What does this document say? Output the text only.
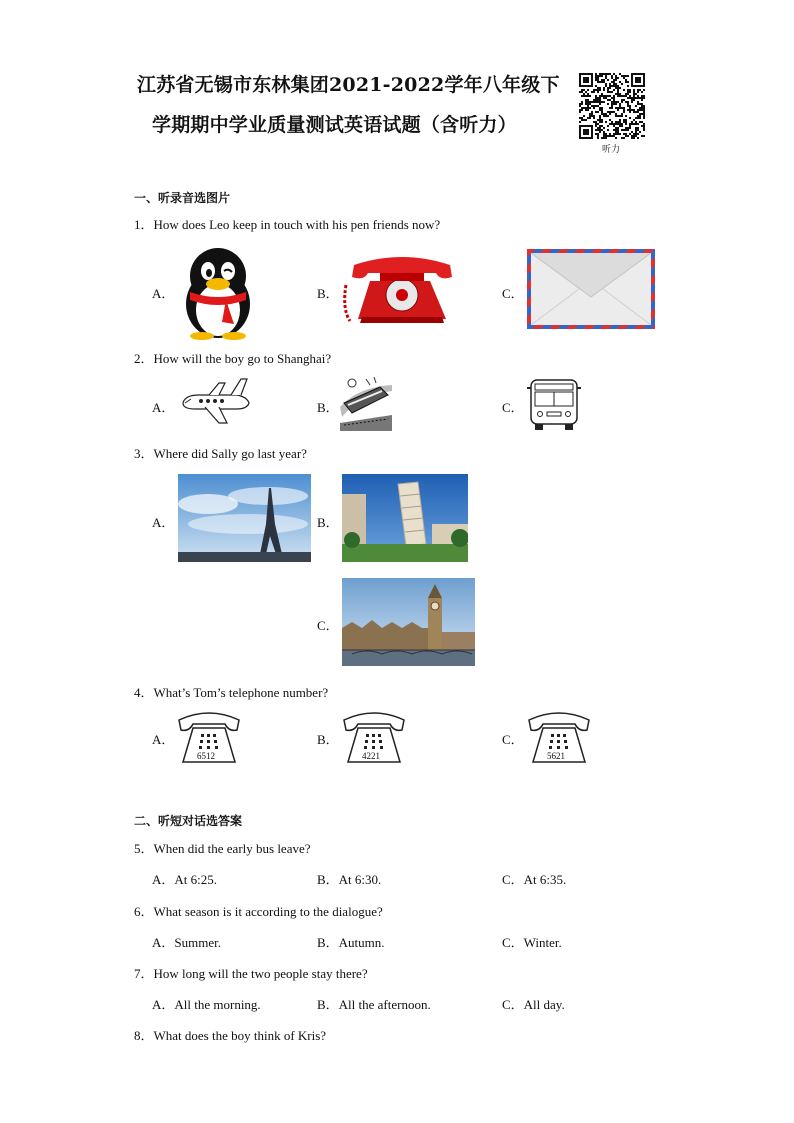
江苏省无锡市东林集团2021-2022学年八年级下
学期期中学业质量测试英语试题（含听力）
听力
一、听录音选图片
1．How does Leo keep in touch with his pen friends now?
A．	B．	C．
2．How will the boy go to Shanghai?
A．	B．	C．
3．Where did Sally go last year?
A．	B．
C．
4．What’s Tom’s telephone number?
A．
6512
B．
4221
C．
5621
二、听短对话选答案
5．When did the early bus leave?
A．At 6:25.	B．At 6:30.	C．At 6:35.
6．What season is it according to the dialogue?
A．Summer.	B．Autumn.	C．Winter.
7．How long will the two people stay there?
A．All the morning.	B．All the afternoon.	C．All day.
8．What does the boy think of Kris?
